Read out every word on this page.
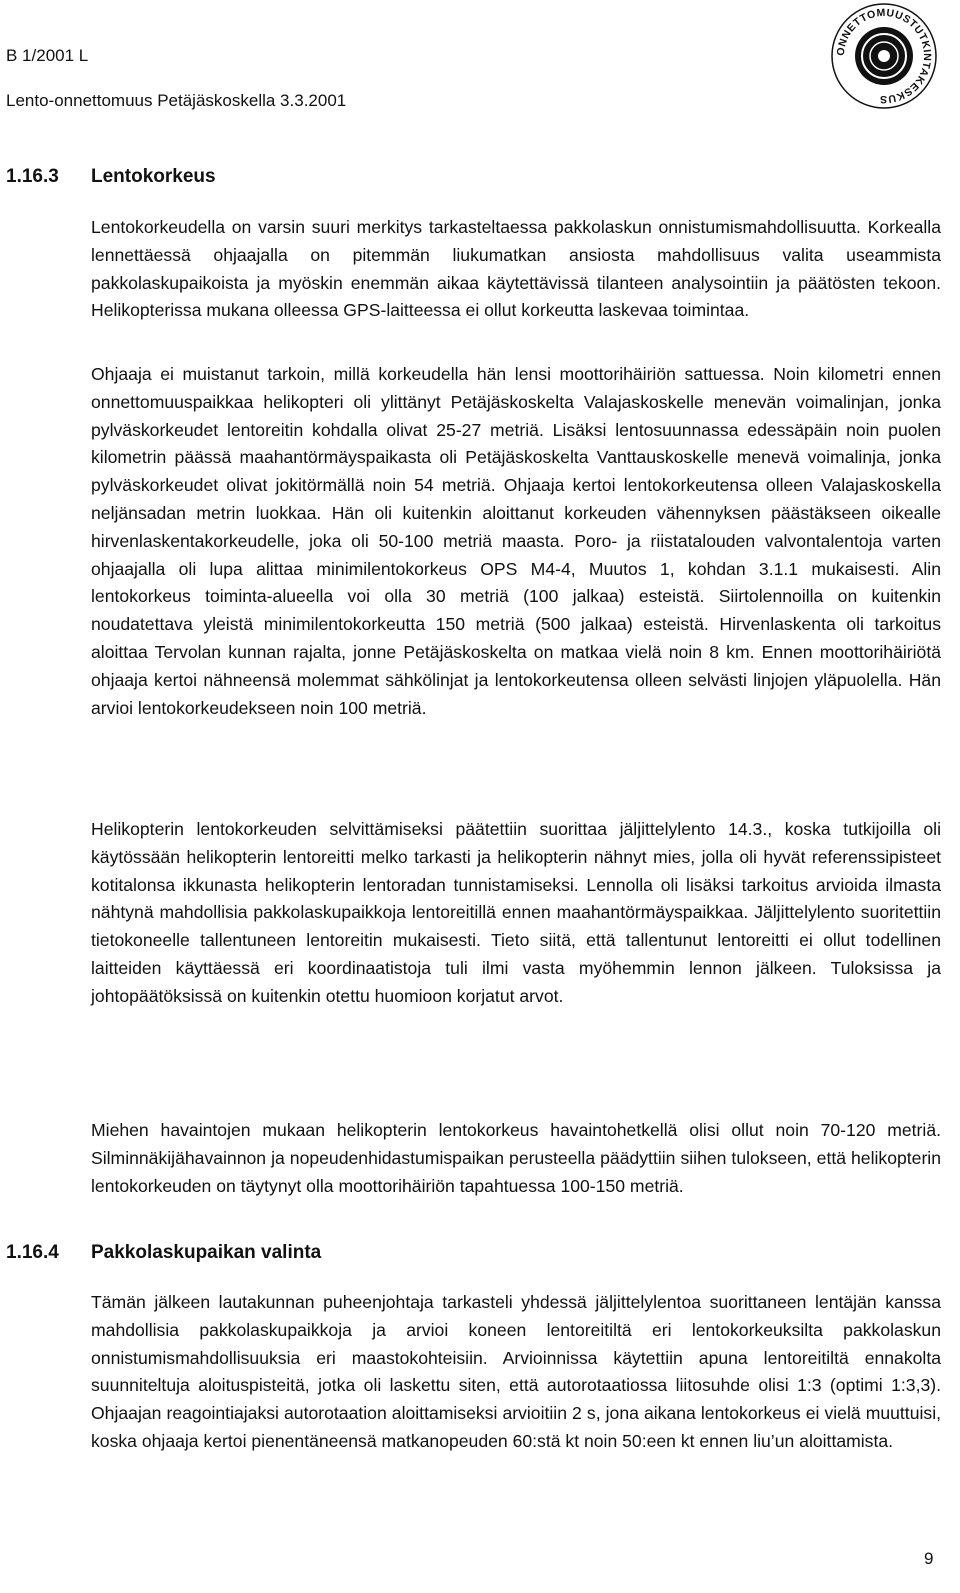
B 1/2001 L
Lento-onnettomuus Petäjäskoskella 3.3.2001
ONNETTOMUUSTUTKINTAKESKUS
1.16.3 Lentokorkeus
Lentokorkeudella on varsin suuri merkitys tarkasteltaessa pakkolaskun onnistumismahdollisuutta. Korkealla lennettäessä ohjaajalla on pitemmän liukumatkan ansiosta mahdollisuus valita useammista pakkolaskupaikoista ja myöskin enemmän aikaa käytettävissä tilanteen analysointiin ja päätösten tekoon. Helikopterissa mukana olleessa GPS-laitteessa ei ollut korkeutta laskevaa toimintaa.
Ohjaaja ei muistanut tarkoin, millä korkeudella hän lensi moottorihäiriön sattuessa. Noin kilometri ennen onnettomuuspaikkaa helikopteri oli ylittänyt Petäjäskoskelta Valajaskoskelle menevän voimalinjan, jonka pylväskorkeudet lentoreitin kohdalla olivat 25-27 metriä. Lisäksi lentosuunnassa edessäpäin noin puolen kilometrin päässä maahantörmäyspaikasta oli Petäjäskoskelta Vanttauskoskelle menevä voimalinja, jonka pylväskorkeudet olivat jokitörmällä noin 54 metriä. Ohjaaja kertoi lentokorkeutensa olleen Valajaskoskella neljänsadan metrin luokkaa. Hän oli kuitenkin aloittanut korkeuden vähennyksen päästäkseen oikealle hirvenlaskentakorkeudelle, joka oli 50-100 metriä maasta. Poro- ja riistatalouden valvontalentoja varten ohjaajalla oli lupa alittaa minimilentokorkeus OPS M4-4, Muutos 1, kohdan 3.1.1 mukaisesti. Alin lentokorkeus toiminta-alueella voi olla 30 metriä (100 jalkaa) esteistä. Siirtolennoilla on kuitenkin noudatettava yleistä minimilentokorkeutta 150 metriä (500 jalkaa) esteistä. Hirvenlaskenta oli tarkoitus aloittaa Tervolan kunnan rajalta, jonne Petäjäskoskelta on matkaa vielä noin 8 km. Ennen moottorihäiriötä ohjaaja kertoi nähneensä molemmat sähkölinjat ja lentokorkeutensa olleen selvästi linjojen yläpuolella. Hän arvioi lentokorkeudekseen noin 100 metriä.
Helikopterin lentokorkeuden selvittämiseksi päätettiin suorittaa jäljittelylento 14.3., koska tutkijoilla oli käytössään helikopterin lentoreitti melko tarkasti ja helikopterin nähnyt mies, jolla oli hyvät referenssipisteet kotitalonsa ikkunasta helikopterin lentoradan tunnistamiseksi. Lennolla oli lisäksi tarkoitus arvioida ilmasta nähtynä mahdollisia pakkolaskupaikkoja lentoreitillä ennen maahantörmäyspaikkaa. Jäljittelylento suoritettiin tietokoneelle tallentuneen lentoreitin mukaisesti. Tieto siitä, että tallentunut lentoreitti ei ollut todellinen laitteiden käyttäessä eri koordinaatistoja tuli ilmi vasta myöhemmin lennon jälkeen. Tuloksissa ja johtopäätöksissä on kuitenkin otettu huomioon korjatut arvot.
Miehen havaintojen mukaan helikopterin lentokorkeus havaintohetkellä olisi ollut noin 70-120 metriä. Silminnäkijähavainnon ja nopeudenhidastumispaikan perusteella päädyttiin siihen tulokseen, että helikopterin lentokorkeuden on täytynyt olla moottorihäiriön tapahtuessa 100-150 metriä.
1.16.4 Pakkolaskupaikan valinta
Tämän jälkeen lautakunnan puheenjohtaja tarkasteli yhdessä jäljittelylentoa suorittaneen lentäjän kanssa mahdollisia pakkolaskupaikkoja ja arvioi koneen lentoreitiltä eri lentokorkeuksilta pakkolaskun onnistumismahdollisuuksia eri maastokohteisiin. Arvioinnissa käytettiin apuna lentoreitiltä ennakolta suunniteltuja aloituspisteitä, jotka oli laskettu siten, että autorotaatiossa liitosuhde olisi 1:3 (optimi 1:3,3). Ohjaajan reagointiajaksi autorotaation aloittamiseksi arvioitiin 2 s, jona aikana lentokorkeus ei vielä muuttuisi, koska ohjaaja kertoi pienentäneensä matkanopeuden 60:stä kt noin 50:een kt ennen liu’un aloittamista.
9
